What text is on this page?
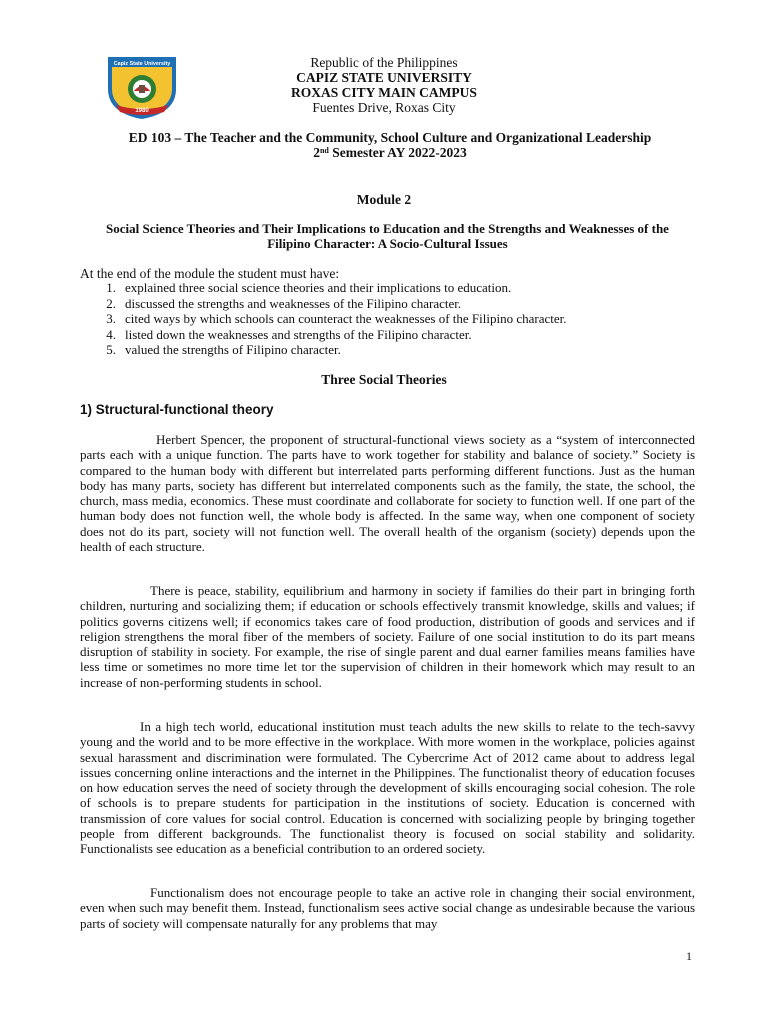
Capiz State University
1980
Republic of the Philippines
CAPIZ STATE UNIVERSITY
ROXAS CITY MAIN CAMPUS
Fuentes Drive, Roxas City
ED 103 – The Teacher and the Community, School Culture and Organizational Leadership
2nd Semester AY 2022-2023
Module 2
Social Science Theories and Their Implications to Education and the Strengths and Weaknesses of the Filipino Character: A Socio-Cultural Issues
At the end of the module the student must have:
1. explained three social science theories and their implications to education.
2. discussed the strengths and weaknesses of the Filipino character.
3. cited ways by which schools can counteract the weaknesses of the Filipino character.
4. listed down the weaknesses and strengths of the Filipino character.
5. valued the strengths of Filipino character.
Three Social Theories
1) Structural-functional theory

Herbert Spencer, the proponent of structural-functional views society as a “system of interconnected parts each with a unique function. The parts have to work together for stability and balance of society.” Society is compared to the human body with different but interrelated parts performing different functions. Just as the human body has many parts, society has different but interrelated components such as the family, the state, the school, the church, mass media, economics. These must coordinate and collaborate for society to function well. If one part of the human body does not function well, the whole body is affected. In the same way, when one component of society does not do its part, society will not function well. The overall health of the organism (society) depends upon the health of each structure.

There is peace, stability, equilibrium and harmony in society if families do their part in bringing forth children, nurturing and socializing them; if education or schools effectively transmit knowledge, skills and values; if politics governs citizens well; if economics takes care of food production, distribution of goods and services and if religion strengthens the moral fiber of the members of society. Failure of one social institution to do its part means disruption of stability in society. For example, the rise of single parent and dual earner families means families have less time or sometimes no more time let tor the supervision of children in their homework which may result to an increase of non-performing students in school.

In a high tech world, educational institution must teach adults the new skills to relate to the tech-savvy young and the world and to be more effective in the workplace. With more women in the workplace, policies against sexual harassment and discrimination were formulated. The Cybercrime Act of 2012 came about to address legal issues concerning online interactions and the internet in the Philippines. The functionalist theory of education focuses on how education serves the need of society through the development of skills encouraging social cohesion. The role of schools is to prepare students for participation in the institutions of society. Education is concerned with transmission of core values for social control. Education is concerned with socializing people by bringing together people from different backgrounds. The functionalist theory is focused on social stability and solidarity. Functionalists see education as a beneficial contribution to an ordered society.

Functionalism does not encourage people to take an active role in changing their social environment, even when such may benefit them. Instead, functionalism sees active social change as undesirable because the various parts of society will compensate naturally for any problems that may

1
